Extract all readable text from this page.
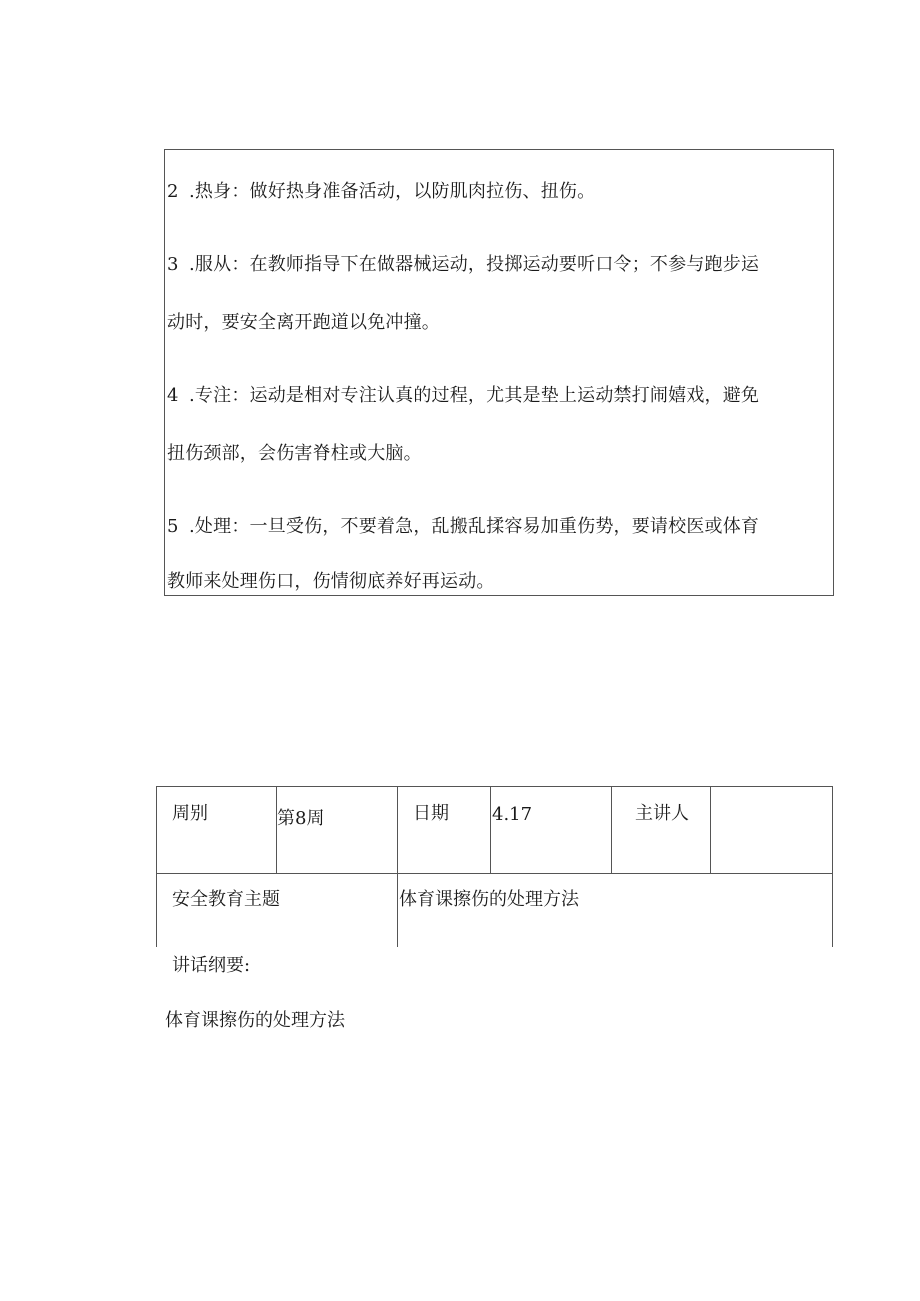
2 .热身：做好热身准备活动，以防肌肉拉伤、扭伤。
3 .服从：在教师指导下在做器械运动，投掷运动要听口令；不参与跑步运
动时，要安全离开跑道以免冲撞。
4 .专注：运动是相对专注认真的过程，尤其是垫上运动禁打闹嬉戏，避免
扭伤颈部，会伤害脊柱或大脑。
5 .处理：一旦受伤，不要着急，乱搬乱揉容易加重伤势，要请校医或体育
教师来处理伤口，伤情彻底养好再运动。
周别	第8周	日期 4.17	主讲人
安全教育主题	体育课擦伤的处理方法
讲话纲要:
体育课擦伤的处理方法
